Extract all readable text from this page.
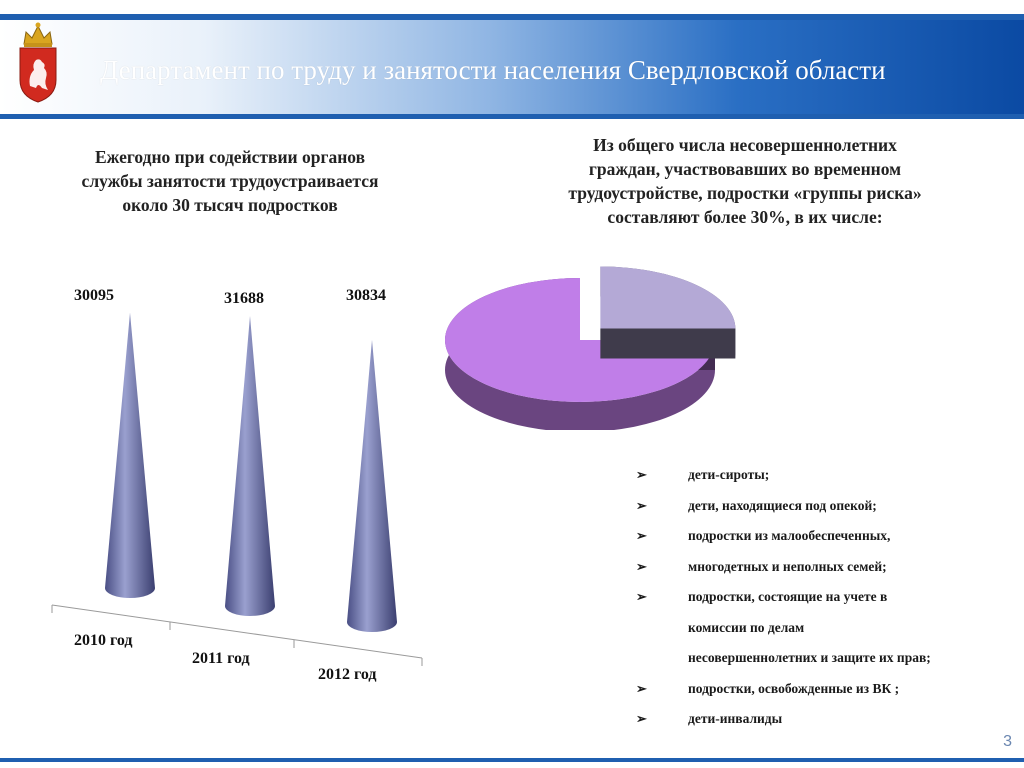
Департамент по труду и занятости населения Свердловской области
Ежегодно при содействии органов
службы занятости трудоустраивается
около 30 тысяч подростков
Из общего числа несовершеннолетних
граждан, участвовавших во временном
трудоустройстве, подростки «группы риска»
составляют более 30%, в их числе:
30095	31688	30834
2010 год
2011 год
2012 год
➢	дети-сироты;
➢	дети, находящиеся под опекой;
➢	подростки из малообеспеченных,
➢	многодетных и неполных семей;
➢	подростки, состоящие на учете в
комиссии по делам
несовершеннолетних и защите их прав;
➢	подростки, освобожденные из ВК ;
➢	дети-инвалиды
3
